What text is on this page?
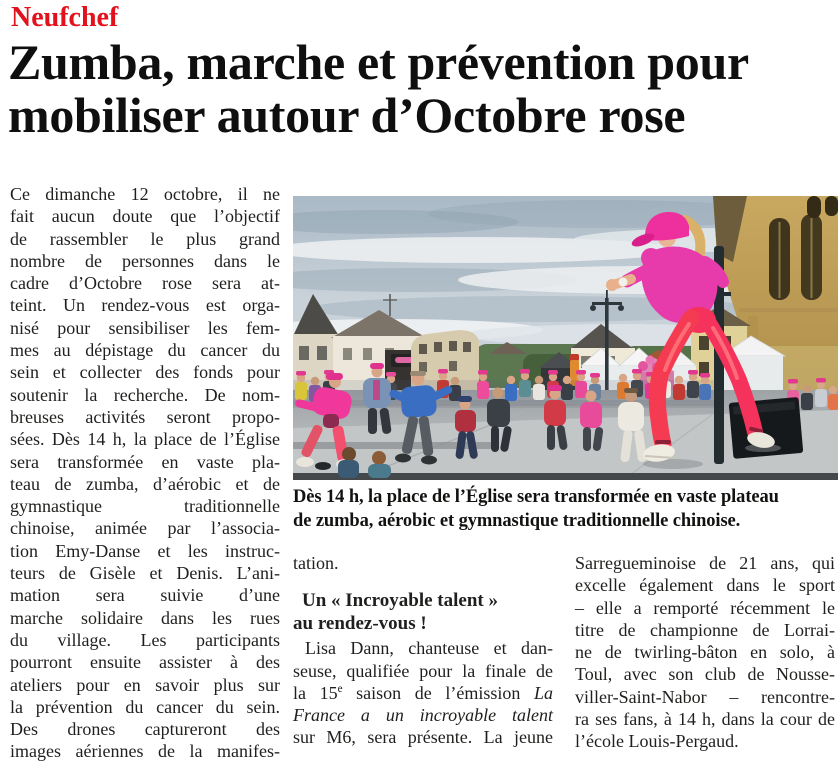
Neufchef
Zumba, marche et prévention pour
mobiliser autour d’Octobre rose
Ce dimanche 12 octobre, il ne
fait aucun doute que l’objectif
de rassembler le plus grand
nombre de personnes dans le
cadre d’Octobre rose sera at-
teint. Un rendez-vous est orga-
nisé pour sensibiliser les fem-
mes au dépistage du cancer du
sein et collecter des fonds pour
soutenir la recherche. De nom-
breuses activités seront propo-
sées. Dès 14 h, la place de l’Église
sera transformée en vaste pla-
teau de zumba, d’aérobic et de
gymnastique traditionnelle
chinoise, animée par l’associa-
tion Emy-Danse et les instruc-
teurs de Gisèle et Denis. L’ani-
mation sera suivie d’une
marche solidaire dans les rues
du village. Les participants
pourront ensuite assister à des
ateliers pour en savoir plus sur
la prévention du cancer du sein.
Des drones captureront des
images aériennes de la manifes-
Dès 14 h, la place de l’Église sera transformée en vaste plateau
de zumba, aérobic et gymnastique traditionnelle chinoise.
tation.
Un « Incroyable talent »
au rendez-vous !
Lisa Dann, chanteuse et dan-
seuse, qualifiée pour la finale de
la 15e saison de l’émission La
France a un incroyable talent
sur M6, sera présente. La jeune
Sarregueminoise de 21 ans, qui
excelle également dans le sport
– elle a remporté récemment le
titre de championne de Lorrai-
ne de twirling-bâton en solo, à
Toul, avec son club de Nousse-
viller-Saint-Nabor – rencontre-
ra ses fans, à 14 h, dans la cour de
l’école Louis-Pergaud.
